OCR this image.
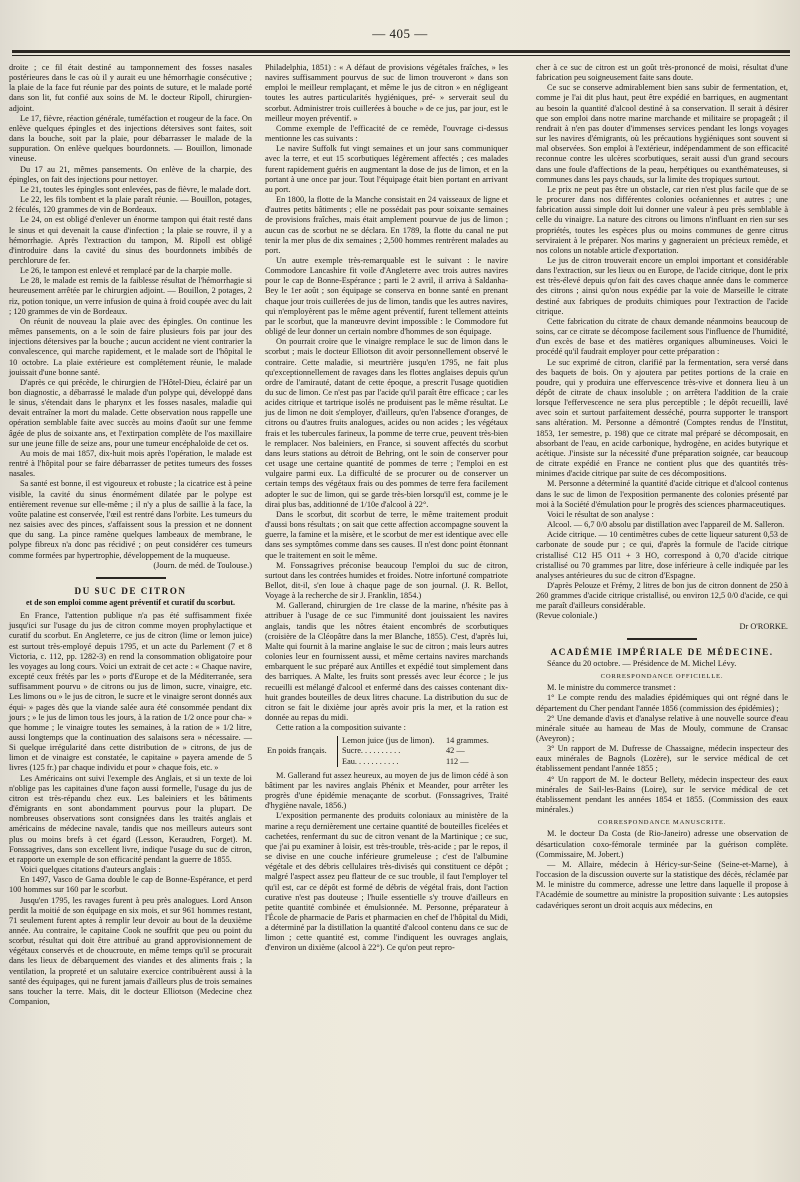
— 405 —

droite ; ce fil était destiné au tamponnement des fosses nasales postérieures dans le cas où il y aurait eu une hémorrhagie consécutive ; la plaie de la face fut réunie par des points de suture, et le malade porté dans son lit, fut confié aux soins de M. le docteur Ripoll, chirurgien-adjoint.

Le 17, fièvre, réaction générale, tuméfaction et rougeur de la face. On enlève quelques épingles et des injections détersives sont faites, soit dans la bouche, soit par la plaie, pour débarrasser le malade de la suppuration. On enlève quelques bourdonnets. — Bouillon, limonade vineuse.

Du 17 au 21, mêmes pansements. On enlève de la charpie, des épingles, on fait des injections pour nettoyer.

Le 21, toutes les épingles sont enlevées, pas de fièvre, le malade dort.

Le 22, les fils tombent et la plaie paraît réunie. — Bouillon, potages, 2 féculés, 120 grammes de vin de Bordeaux.

Le 24, on est obligé d'enlever un énorme tampon qui était resté dans le sinus et qui devenait la cause d'infection ; la plaie se rouvre, il y a hémorrhagie. Après l'extraction du tampon, M. Ripoll est obligé d'introduire dans la cavité du sinus des bourdonnets imbibés de perchlorure de fer.

Le 26, le tampon est enlevé et remplacé par de la charpie molle.

Le 28, le malade est remis de la faiblesse résultat de l'hémorrhagie si heureusement arrêtée par le chirurgien adjoint. — Bouillon, 2 potages, 2 riz, potion tonique, un verre infusion de quina à froid coupée avec du lait ; 120 grammes de vin de Bordeaux.

On réunit de nouveau la plaie avec des épingles. On continue les mêmes pansements, on a le soin de faire plusieurs fois par jour des injections détersives par la bouche ; aucun accident ne vient contrarier la convalescence, qui marche rapidement, et le malade sort de l'hôpital le 10 octobre. La plaie extérieure est complétement réunie, le malade jouissait d'une bonne santé.

D'après ce qui précède, le chirurgien de l'Hôtel-Dieu, éclairé par un bon diagnostic, a débarrassé le malade d'un polype qui, développé dans le sinus, s'étendait dans le pharynx et les fosses nasales, maladie qui devait entraîner la mort du malade. Cette observation nous rappelle une opération semblable faite avec succès au moins d'août sur une femme âgée de plus de soixante ans, et l'extirpation complète de l'os maxillaire sur une jeune fille de seize ans, pour une tumeur encéphaloïde de cet os.

Au mois de mai 1857, dix-huit mois après l'opération, le malade est rentré à l'hôpital pour se faire débarrasser de petites tumeurs des fosses nasales.

Sa santé est bonne, il est vigoureux et robuste ; la cicatrice est à peine visible, la cavité du sinus énormément dilatée par le polype est entièrement revenue sur elle-même ; il n'y a plus de saillie à la face, la voûte palatine est conservée, l'œil est rentré dans l'orbite. Les tumeurs du nez saisies avec des pinces, s'affaissent sous la pression et ne donnent que du sang. La pince ramène quelques lambeaux de membrane, le polype fibreux n'a donc pas récidivé ; on peut considérer ces tumeurs comme formées par hypertrophie, développement de la muqueuse.

(Journ. de méd. de Toulouse.)

DU SUC DE CITRON
et de son emploi comme agent préventif et curatif du scorbut.

En France, l'attention publique n'a pas été suffisamment fixée jusqu'ici sur l'usage du jus de citron comme moyen prophylactique et curatif du scorbut. En Angleterre, ce jus de citron (lime or lemon juice) est surtout très-employé depuis 1795, et un acte du Parlement (7 et 8 Victoria, c. 112, pp. 1282-3) en rend la consommation obligatoire pour les voyages au long cours. Voici un extrait de cet acte : « Chaque navire, excepté ceux frétés par les » ports d'Europe et de la Méditerranée, sera suffisamment pourvu » de citrons ou jus de limon, sucre, vinaigre, etc. Les limons ou » le jus de citron, le sucre et le vinaigre seront donnés aux équi- » pages dès que la viande salée aura été consommée pendant dix jours ; » le jus de limon tous les jours, à la ration de 1/2 once pour cha- » que homme ; le vinaigre toutes les semaines, à la ration de » 1/2 litre, aussi longtemps que la continuation des salaisons sera » nécessaire. — Si quelque irrégularité dans cette distribution de » citrons, de jus de limon et de vinaigre est constatée, le capitaine » payera amende de 5 livres (125 fr.) par chaque individu et pour » chaque fois, etc. »

Les Américains ont suivi l'exemple des Anglais, et si un texte de loi n'oblige pas les capitaines d'une façon aussi formelle, l'usage du jus de citron est très-répandu chez eux. Les baleiniers et les bâtiments d'émigrants en sont abondamment pourvus pour la plupart. De nombreuses observations sont consignées dans les traités anglais et américains de médecine navale, tandis que nos meilleurs auteurs sont plus ou moins brefs à cet égard (Lesson, Keraudren, Forget). M. Fonssagrives, dans son excellent livre, indique l'usage du suc de citron, et rapporte un exemple de son efficacité pendant la guerre de 1855.

Voici quelques citations d'auteurs anglais :

En 1497, Vasco de Gama double le cap de Bonne-Espérance, et perd 100 hommes sur 160 par le scorbut.

Jusqu'en 1795, les ravages furent à peu près analogues. Lord Anson perdit la moitié de son équipage en six mois, et sur 961 hommes restant, 71 seulement furent aptes à remplir leur devoir au bout de la deuxième année. Au contraire, le capitaine Cook ne souffrit que peu ou point du scorbut, résultat qui doit être attribué au grand approvisionnement de végétaux conservés et de choucroute, en même temps qu'il se procurait dans les lieux de débarquement des viandes et des aliments frais ; la ventilation, la propreté et un salutaire exercice contribuèrent aussi à la santé des équipages, qui ne furent jamais d'ailleurs plus de trois semaines sans toucher la terre. Mais, dit le docteur Elliotson (Medecine chez Companion,

Philadelphia, 1851) : « A défaut de provisions végétales fraîches, » les navires suffisamment pourvus de suc de limon trouveront » dans son emploi le meilleur remplaçant, et même le jus de citron » en négligeant toutes les autres particularités hygiéniques, pré- » serverait seul du scorbut. Administrer trois cuillerées à bouche » de ce jus, par jour, est le meilleur moyen préventif. »

Comme exemple de l'efficacité de ce remède, l'ouvrage ci-dessus mentionne les cas suivants :

Le navire Suffolk fut vingt semaines et un jour sans communiquer avec la terre, et eut 15 scorbutiques légèrement affectés ; ces malades furent rapidement guéris en augmentant la dose de jus de limon, et en la portant à une once par jour. Tout l'équipage était bien portant en arrivant au port.

En 1800, la flotte de la Manche consistait en 24 vaisseaux de ligne et d'autres petits bâtiments ; elle ne possédait pas pour soixante semaines de provisions fraîches, mais était amplement pourvue de jus de limon ; aucun cas de scorbut ne se déclara. En 1789, la flotte du canal ne put tenir la mer plus de dix semaines ; 2,500 hommes rentrèrent malades au port.

Un autre exemple très-remarquable est le suivant : le navire Commodore Lancashire fit voile d'Angleterre avec trois autres navires pour le cap de Bonne-Espérance ; parti le 2 avril, il arriva à Saldanha-Bey le 1er août ; son équipage se conserva en bonne santé en prenant chaque jour trois cuillerées de jus de limon, tandis que les autres navires, qui n'employèrent pas le même agent préventif, furent tellement atteints par le scorbut, que la manœuvre devint impossible : le Commodore fut obligé de leur donner un certain nombre d'hommes de son équipage.

On pourrait croire que le vinaigre remplace le suc de limon dans le scorbut ; mais le docteur Elliotson dit avoir personnellement observé le contraire. Cette maladie, si meurtrière jusqu'en 1795, ne fait plus qu'exceptionnellement de ravages dans les flottes anglaises depuis qu'un ordre de l'amirauté, datant de cette époque, a prescrit l'usage quotidien du suc de limon. Ce n'est pas par l'acide qu'il paraît être efficace ; car les acides citrique et tartrique isolés ne produisent pas le même résultat. Le jus de limon ne doit s'employer, d'ailleurs, qu'en l'absence d'oranges, de citrons ou d'autres fruits analogues, acides ou non acides ; les végétaux frais et les tubercules farineux, la pomme de terre crue, peuvent très-bien le remplacer. Nos baleiniers, en France, si souvent affectés du scorbut dans leurs stations au détroit de Behring, ont le soin de conserver pour cet usage une certaine quantité de pommes de terre ; l'emploi en est vulgaire parmi eux. La difficulté de se procurer ou de conserver un certain temps des végétaux frais ou des pommes de terre fera facilement adopter le suc de limon, qui se garde très-bien lorsqu'il est, comme je le dirai plus bas, additionné de 1/10e d'alcool à 22°.

Dans le scorbut, dit scorbut de terre, le même traitement produit d'aussi bons résultats ; on sait que cette affection accompagne souvent la guerre, la famine et la misère, et le scorbut de mer est identique avec elle dans ses symptômes comme dans ses causes. Il n'est donc point étonnant que le traitement en soit le même.

M. Fonssagrives préconise beaucoup l'emploi du suc de citron, surtout dans les contrées humides et froides. Notre infortuné compatriote Bellot, dit-il, s'en loue à chaque page de son journal. (J. R. Bellot, Voyage à la recherche de sir J. Franklin, 1854.)

M. Gallerand, chirurgien de 1re classe de la marine, n'hésite pas à attribuer à l'usage de ce suc l'immunité dont jouissaient les navires anglais, tandis que les nôtres étaient encombrés de scorbutiques (croisière de la Cléopâtre dans la mer Blanche, 1855). C'est, d'après lui, Malte qui fournit à la marine anglaise le suc de citron ; mais leurs autres colonies leur en fournissent aussi, et même certains navires marchands embarquent le suc préparé aux Antilles et expédié tout simplement dans des barriques. A Malte, les fruits sont pressés avec leur écorce ; le jus recueilli est mélangé d'alcool et enfermé dans des caisses contenant dix-huit grandes bouteilles de deux litres chacune. La distribution du suc de citron se fait le dixième jour après avoir pris la mer, et la ration est donnée au repas du midi.

Cette ration a la composition suivante :

En poids français.
Lemon juice (jus de limon). 14 grammes.
Sucre. . . . . . . . . .	42 —
Eau. . . . . . . . . . .	112 —

M. Gallerand fut assez heureux, au moyen de jus de limon cédé à son bâtiment par les navires anglais Phénix et Meander, pour arrêter les progrès d'une épidémie menaçante de scorbut. (Fonssagrives, Traité d'hygiène navale, 1856.)

L'exposition permanente des produits coloniaux au ministère de la marine a reçu dernièrement une certaine quantité de bouteilles ficelées et cachetées, renfermant du suc de citron venant de la Martinique ; ce suc, que j'ai pu examiner à loisir, est très-trouble, très-acide ; par le repos, il se divise en une couche inférieure grumeleuse ; c'est de l'albumine végétale et des débris cellulaires très-divisés qui constituent ce dépôt ; malgré l'aspect assez peu flatteur de ce suc trouble, il faut l'employer tel qu'il est, car ce dépôt est formé de débris de végétal frais, dont l'action curative n'est pas douteuse ; l'huile essentielle s'y trouve d'ailleurs en petite quantité combinée et émulsionnée. M. Personne, préparateur à l'École de pharmacie de Paris et pharmacien en chef de l'hôpital du Midi, a déterminé par la distillation la quantité d'alcool contenu dans ce suc de limon ; cette quantité est, comme l'indiquent les ouvrages anglais, d'environ un dixième (alcool à 22°). Ce qu'on peut repro-

cher à ce suc de citron est un goût très-prononcé de moisi, résultat d'une fabrication peu soigneusement faite sans doute.

Ce suc se conserve admirablement bien sans subir de fermentation, et, comme je l'ai dit plus haut, peut être expédié en barriques, en augmentant au besoin la quantité d'alcool destiné à sa conservation. Il serait à désirer que son emploi dans notre marine marchande et militaire se propageât ; il rendrait à n'en pas douter d'immenses services pendant les longs voyages sur les navires d'émigrants, où les précautions hygiéniques sont souvent si mal observées. Son emploi à l'extérieur, indépendamment de son efficacité reconnue contre les ulcères scorbutiques, serait aussi d'un grand secours dans une foule d'affections de la peau, herpétiques ou exanthémateuses, si communes dans les pays chauds, sur la limite des tropiques surtout.

Le prix ne peut pas être un obstacle, car rien n'est plus facile que de se le procurer dans nos différentes colonies océaniennes et autres ; une fabrication aussi simple doit lui donner une valeur à peu près semblable à celle du vinaigre. La nature des citrons ou limons n'influant en rien sur ses propriétés, toutes les espèces plus ou moins communes de genre citrus serviraient à le préparer. Nos marins y gagneraient un précieux remède, et nos colons un notable article d'exportation.

Le jus de citron trouverait encore un emploi important et considérable dans l'extraction, sur les lieux ou en Europe, de l'acide citrique, dont le prix est très-élevé depuis qu'on fait des caves chaque année dans le commerce des citrons ; ainsi qu'on nous expédie par la voie de Marseille le citrate destiné aux fabriques de produits chimiques pour l'extraction de l'acide citrique.

Cette fabrication du citrate de chaux demande néanmoins beaucoup de soins, car ce citrate se décompose facilement sous l'influence de l'humidité, d'un excès de base et des matières organiques albumineuses. Voici le procédé qu'il faudrait employer pour cette préparation :

Le suc exprimé de citron, clarifié par la fermentation, sera versé dans des baquets de bois. On y ajoutera par petites portions de la craie en poudre, qui y produira une effervescence très-vive et donnera lieu à un dépôt de citrate de chaux insoluble ; on arrêtera l'addition de la craie lorsque l'effervescence ne sera plus perceptible ; le dépôt recueilli, lavé avec soin et surtout parfaitement desséché, pourra supporter le transport sans altération. M. Personne a démontré (Comptes rendus de l'Institut, 1853, 1er semestre, p. 198) que ce citrate mal préparé se décomposait, en absorbant de l'eau, en acide carbonique, hydrogène, en acides butyrique et acétique. J'insiste sur la nécessité d'une préparation soignée, car beaucoup de citrate expédié en France ne contient plus que des quantités très-minimes d'acide citrique par suite de ces décompositions.

M. Personne a déterminé la quantité d'acide citrique et d'alcool contenus dans le suc de limon de l'exposition permanente des colonies présenté par moi à la Société d'émulation pour le progrès des sciences pharmaceutiques.

Voici le résultat de son analyse :

Alcool. — 6,7 0/0 absolu par distillation avec l'appareil de M. Salleron.

Acide citrique. — 10 centimètres cubes de cette liqueur saturent 0,53 de carbonate de soude pur ; ce qui, d'après la formule de l'acide citrique cristallisé C12 H5 O11 + 3 HO, correspond à 0,70 d'acide citrique cristallisé ou 70 grammes par litre, dose inférieure à celle indiquée par les analyses antérieures du suc de citron d'Espagne.

D'après Pelouze et Frémy, 2 litres de bon jus de citron donnent de 250 à 260 grammes d'acide citrique cristallisé, ou environ 12,5 0/0 d'acide, ce qui me paraît d'ailleurs considérable.

(Revue coloniale.)

Dr O'RORKE.

ACADÉMIE IMPÉRIALE DE MÉDECINE.

Séance du 20 octobre. — Présidence de M. Michel Lévy.

CORRESPONDANCE OFFICIELLE.

M. le ministre du commerce transmet :

1° Le compte rendu des maladies épidémiques qui ont régné dans le département du Cher pendant l'année 1856 (commission des épidémies) ;

2° Une demande d'avis et d'analyse relative à une nouvelle source d'eau minérale située au hameau de Mas de Mouly, commune de Cransac (Aveyron) ;

3° Un rapport de M. Dufresse de Chassaigne, médecin inspecteur des eaux minérales de Bagnols (Lozère), sur le service médical de cet établissement pendant l'année 1855 ;

4° Un rapport de M. le docteur Bellety, médecin inspecteur des eaux minérales de Sail-les-Bains (Loire), sur le service médical de cet établissement pendant les années 1854 et 1855. (Commission des eaux minérales.)

CORRESPONDANCE MANUSCRITE.

M. le docteur Da Costa (de Rio-Janeiro) adresse une observation de désarticulation coxo-fémorale terminée par la guérison complète. (Commissaire, M. Jobert.)

— M. Allaire, médecin à Héricy-sur-Seine (Seine-et-Marne), à l'occasion de la discussion ouverte sur la statistique des décès, réclamée par M. le ministre du commerce, adresse une lettre dans laquelle il propose à l'Académie de soumettre au ministre la proposition suivante : Les autopsies cadavériques seront un droit acquis aux médecins, en
